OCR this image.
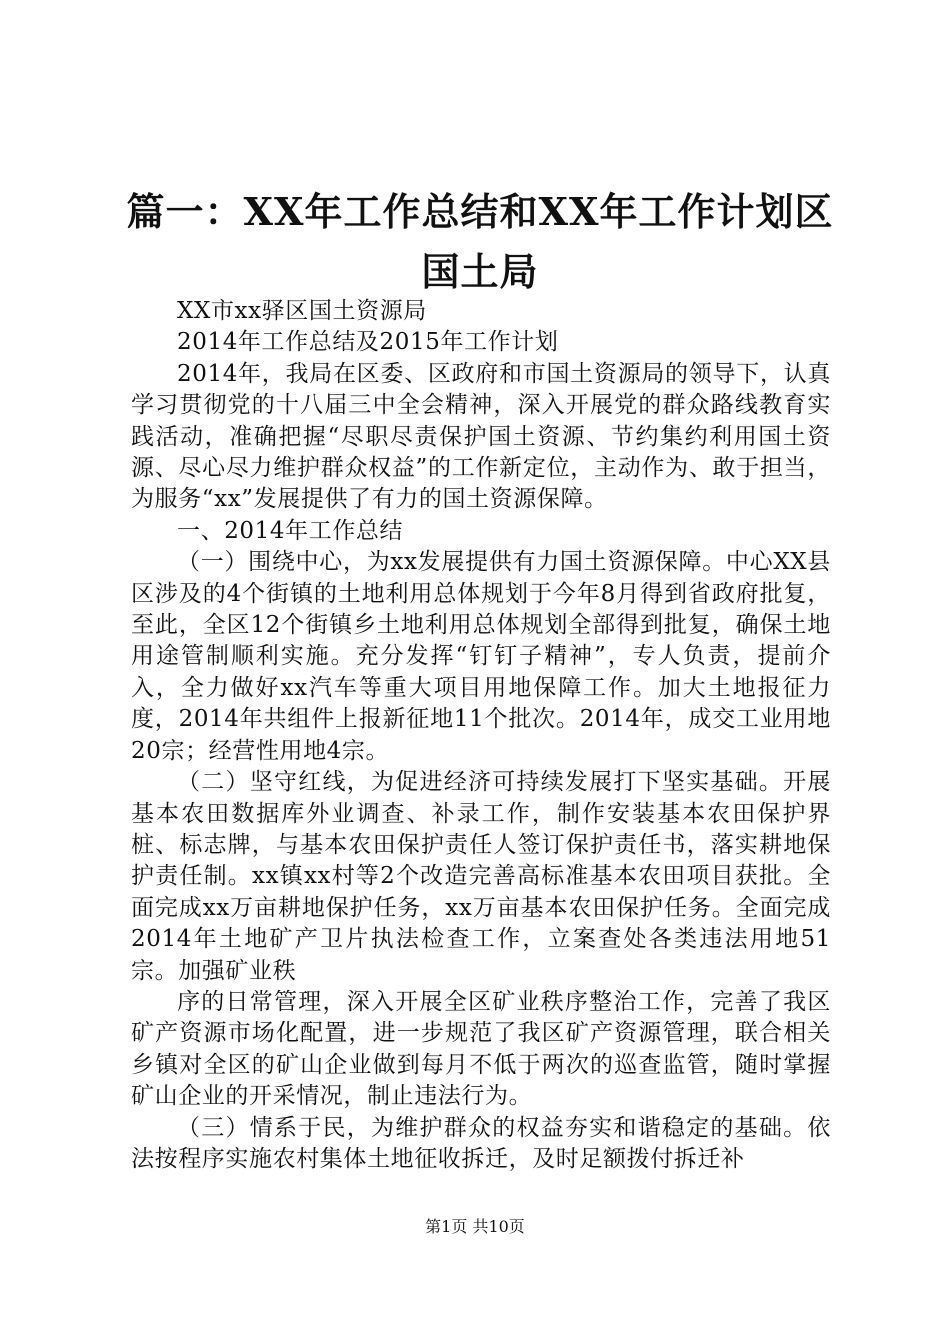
篇一：XX年工作总结和XX年工作计划区国土局

XX市xx驿区国土资源局

2014年工作总结及2015年工作计划

2014年，我局在区委、区政府和市国土资源局的领导下，认真学习贯彻党的十八届三中全会精神，深入开展党的群众路线教育实践活动，准确把握“尽职尽责保护国土资源、节约集约利用国土资源、尽心尽力维护群众权益”的工作新定位，主动作为、敢于担当，为服务“xx”发展提供了有力的国土资源保障。

一、2014年工作总结

（一）围绕中心，为xx发展提供有力国土资源保障。中心XX县区涉及的4个街镇的土地利用总体规划于今年8月得到省政府批复，至此，全区12个街镇乡土地利用总体规划全部得到批复，确保土地用途管制顺利实施。充分发挥“钉钉子精神”，专人负责，提前介入，全力做好xx汽车等重大项目用地保障工作。加大土地报征力度，2014年共组件上报新征地11个批次。2014年，成交工业用地20宗；经营性用地4宗。

（二）坚守红线，为促进经济可持续发展打下坚实基础。开展基本农田数据库外业调查、补录工作，制作安装基本农田保护界桩、标志牌，与基本农田保护责任人签订保护责任书，落实耕地保护责任制。xx镇xx村等2个改造完善高标准基本农田项目获批。全面完成xx万亩耕地保护任务，xx万亩基本农田保护任务。全面完成2014年土地矿产卫片执法检查工作，立案查处各类违法用地51宗。加强矿业秩

序的日常管理，深入开展全区矿业秩序整治工作，完善了我区矿产资源市场化配置，进一步规范了我区矿产资源管理，联合相关乡镇对全区的矿山企业做到每月不低于两次的巡查监管，随时掌握矿山企业的开采情况，制止违法行为。

（三）情系于民，为维护群众的权益夯实和谐稳定的基础。依法按程序实施农村集体土地征收拆迁，及时足额拨付拆迁补

第1页 共10页
